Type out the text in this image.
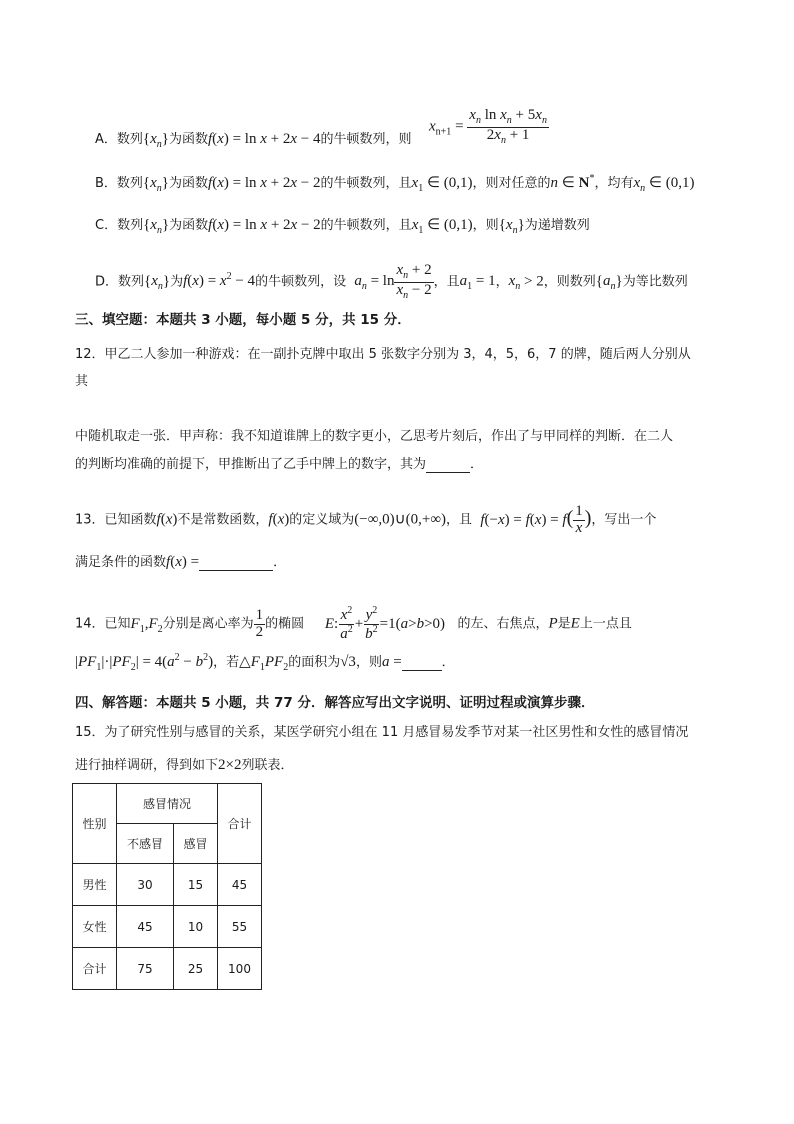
$x_{n+1} = \frac{x_n \ln x_n + 5x_n}{2x_n + 1}$
A．数列$\{x_n\}$为函数f(x) = ln x + 2x − 4的牛顿数列，则
B．数列$\{x_n\}$为函数f(x) = ln x + 2x − 2的牛顿数列，且$x_1$ ∈ (0,1)，则对任意的n ∈ N*，均有$x_n$ ∈ (0,1)
C．数列$\{x_n\}$为函数f(x) = ln x + 2x − 2的牛顿数列，且$x_1$ ∈ (0,1)，则$\{x_n\}$为递增数列
D．数列$\{x_n\}$为$f(x) = x^2 - 4$的牛顿数列，设 $a_n = \ln \frac{x_n + 2}{x_n - 2}$ ，且$a_1 = 1$，$x_n > 2$，则数列$\{a_n\}$为等比数列
三、填空题：本题共 3 小题，每小题 5 分，共 15 分．
12．甲乙二人参加一种游戏：在一副扑克牌中取出 5 张数字分别为 3，4，5，6，7 的牌，随后两人分别从
其
中随机取走一张．甲声称：我不知道谁牌上的数字更小，乙思考片刻后，作出了与甲同样的判断．在二人
的判断均准确的前提下，甲推断出了乙手中牌上的数字，其为	．
13．已知函数f(x)不是常数函数，f(x)的定义域为(−∞,0)∪(0,+∞)，且 $f(-x) = f(x) = f( \frac{1}{x}$ )，写出一个
满足条件的函数f(x) =	．
14．已知$F_1,F_2$分别是离心率为 $\frac{1}{2}$ 的椭圆 E: $\frac{x^2}{a^2} + \frac{y^2}{b^2} =1(a>b>0)$ 的左、右焦点，P是E上一点且
$|PF_1|\cdot|PF_2| = 4(a^2 - b^2)$，若$\triangle F_1PF_2$的面积为√3，则a =	．
四、解答题：本题共 5 小题，共 77 分．解答应写出文字说明、证明过程或演算步骤．
15．为了研究性别与感冒的关系，某医学研究小组在 11 月感冒易发季节对某一社区男性和女性的感冒情况
进行抽样调研，得到如下2×2列联表．
性别	感冒情况		合计
	不感冒	感冒	
男性	30	15	45
女性	45	10	55
合计	75	25	100
